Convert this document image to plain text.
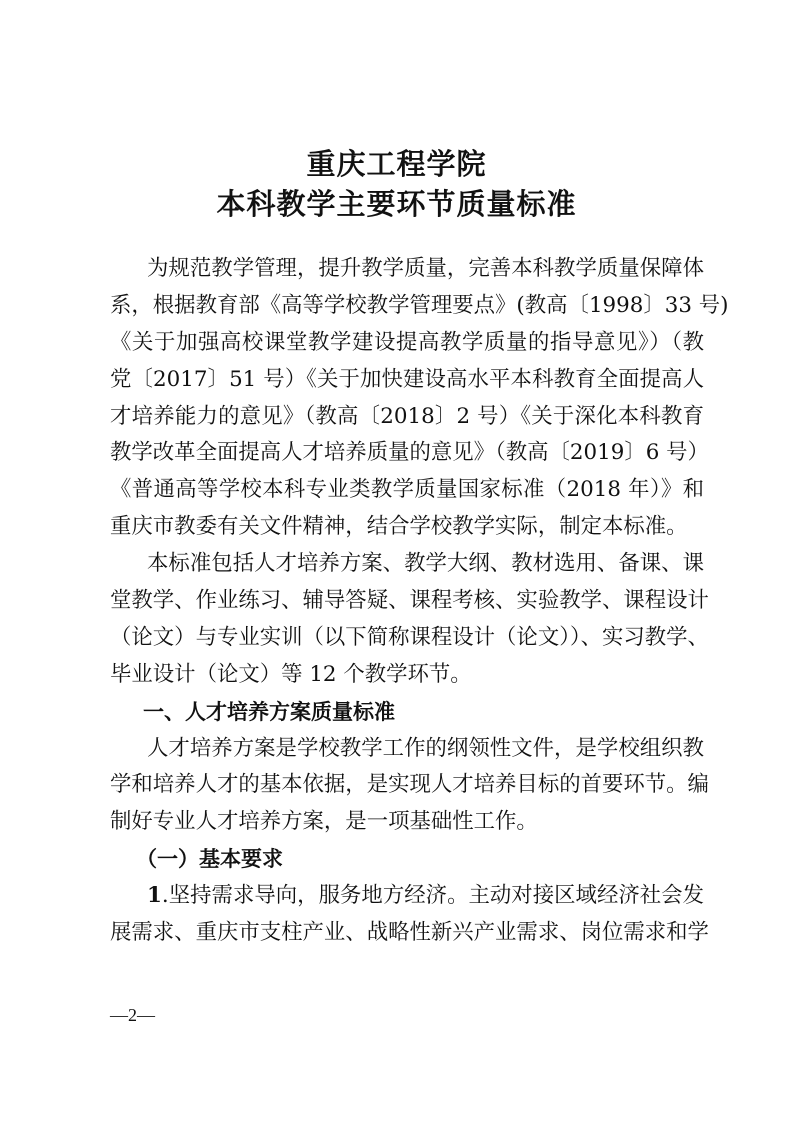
重庆工程学院
本科教学主要环节质量标准
为规范教学管理，提升教学质量，完善本科教学质量保障体
系，根据教育部《高等学校教学管理要点》(教高〔1998〕33 号)
《关于加强高校课堂教学建设提高教学质量的指导意见》）（教
党〔2017〕51 号）《关于加快建设高水平本科教育全面提高人
才培养能力的意见》（教高〔2018〕2 号）《关于深化本科教育
教学改革全面提高人才培养质量的意见》（教高〔2019〕6 号）
《普通高等学校本科专业类教学质量国家标准（2018 年）》和
重庆市教委有关文件精神，结合学校教学实际，制定本标准。
本标准包括人才培养方案、教学大纲、教材选用、备课、课
堂教学、作业练习、辅导答疑、课程考核、实验教学、课程设计
（论文）与专业实训（以下简称课程设计（论文））、实习教学、
毕业设计（论文）等 12 个教学环节。
一、人才培养方案质量标准
人才培养方案是学校教学工作的纲领性文件，是学校组织教
学和培养人才的基本依据，是实现人才培养目标的首要环节。编
制好专业人才培养方案，是一项基础性工作。
（一）基本要求
1.坚持需求导向，服务地方经济。主动对接区域经济社会发
展需求、重庆市支柱产业、战略性新兴产业需求、岗位需求和学
—2—
